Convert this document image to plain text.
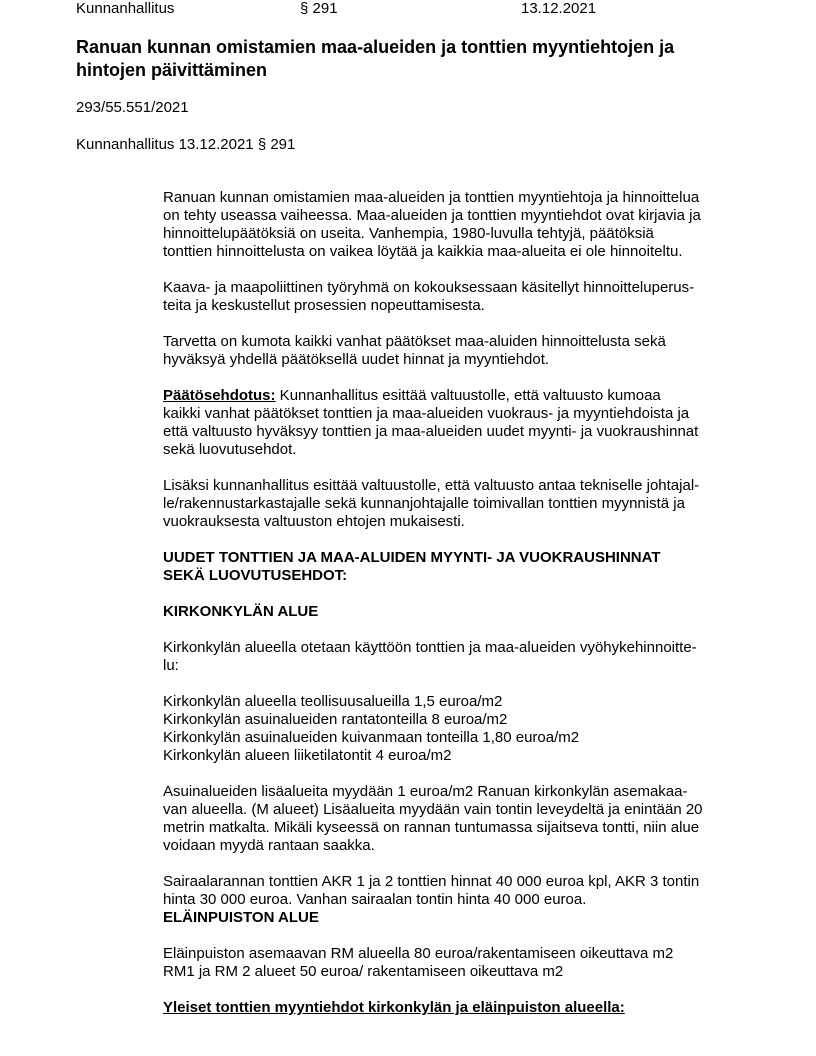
Kunnanhallitus	§ 291	13.12.2021
Ranuan kunnan omistamien maa-alueiden ja tonttien myyntiehtojen ja
hintojen päivittäminen
293/55.551/2021
Kunnanhallitus 13.12.2021 § 291

Ranuan kunnan omistamien maa-alueiden ja tonttien myyntiehtoja ja hinnoittelua

on tehty useassa vaiheessa. Maa-alueiden ja tonttien myyntiehdot ovat kirjavia ja

hinnoittelupäätöksiä on useita. Vanhempia, 1980-luvulla tehtyjä, päätöksiä

tonttien hinnoittelusta on vaikea löytää ja kaikkia maa-alueita ei ole hinnoiteltu.

Kaava- ja maapoliittinen työryhmä on kokouksessaan käsitellyt hinnoitteluperus-

teita ja keskustellut prosessien nopeuttamisesta.

Tarvetta on kumota kaikki vanhat päätökset maa-aluiden hinnoittelusta sekä

hyväksyä yhdellä päätöksellä uudet hinnat ja myyntiehdot.

Päätösehdotus: Kunnanhallitus esittää valtuustolle, että valtuusto kumoaa

kaikki vanhat päätökset tonttien ja maa-alueiden vuokraus- ja myyntiehdoista ja

että valtuusto hyväksyy tonttien ja maa-alueiden uudet myynti- ja vuokraushinnat

sekä luovutusehdot.

Lisäksi kunnanhallitus esittää valtuustolle, että valtuusto antaa tekniselle johtajal-

le/rakennustarkastajalle sekä kunnanjohtajalle toimivallan tonttien myynnistä ja

vuokrauksesta valtuuston ehtojen mukaisesti.

UUDET TONTTIEN JA MAA-ALUIDEN MYYNTI- JA VUOKRAUSHINNAT

SEKÄ LUOVUTUSEHDOT:

KIRKONKYLÄN ALUE

Kirkonkylän alueella otetaan käyttöön tonttien ja maa-alueiden vyöhykehinnoitte-

lu:

Kirkonkylän alueella teollisuusalueilla 1,5 euroa/m2

Kirkonkylän asuinalueiden rantatonteilla 8 euroa/m2

Kirkonkylän asuinalueiden kuivanmaan tonteilla 1,80 euroa/m2

Kirkonkylän alueen liiketilatontit 4 euroa/m2

Asuinalueiden lisäalueita myydään 1 euroa/m2 Ranuan kirkonkylän asemakaa-

van alueella. (M alueet) Lisäalueita myydään vain tontin leveydeltä ja enintään 20

metrin matkalta. Mikäli kyseessä on rannan tuntumassa sijaitseva tontti, niin alue

voidaan myydä rantaan saakka.

Sairaalarannan tonttien AKR 1 ja 2 tonttien hinnat 40 000 euroa kpl, AKR 3 tontin

hinta 30 000 euroa. Vanhan sairaalan tontin hinta 40 000 euroa.

ELÄINPUISTON ALUE

Eläinpuiston asemaavan RM alueella 80 euroa/rakentamiseen oikeuttava m2

RM1 ja RM 2 alueet 50 euroa/ rakentamiseen oikeuttava m2

Yleiset tonttien myyntiehdot kirkonkylän ja eläinpuiston alueella:
